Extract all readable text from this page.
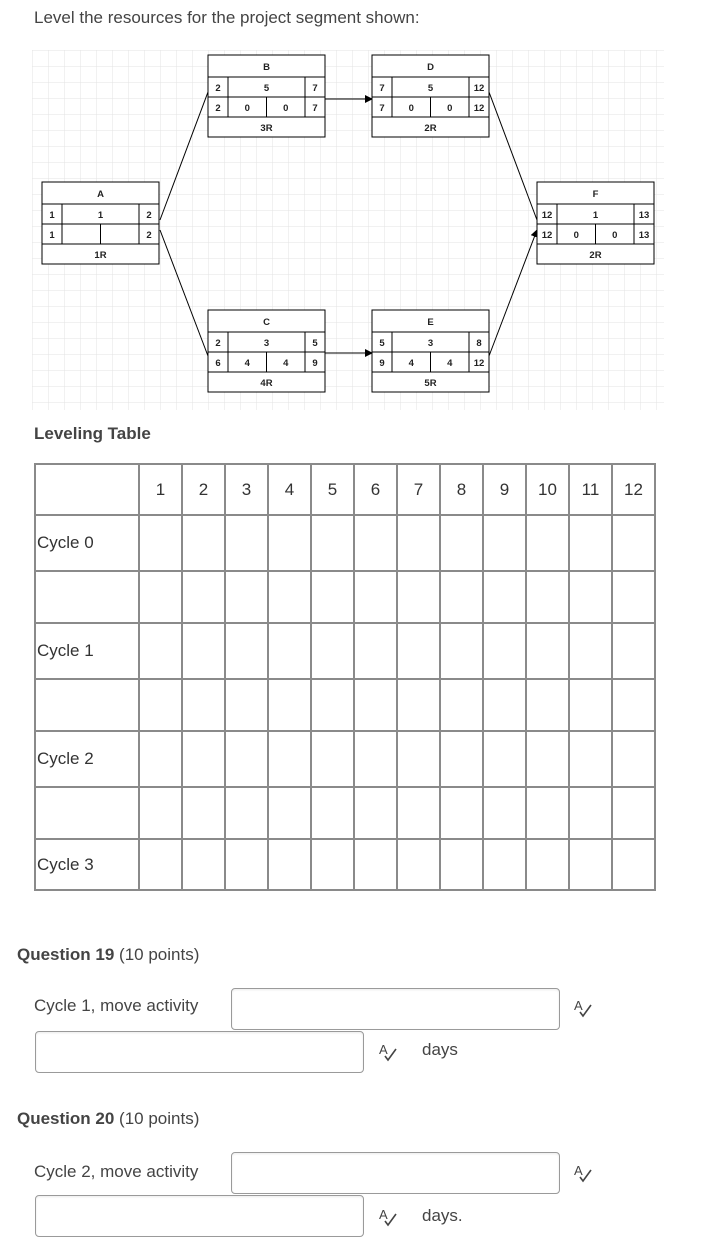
Level the resources for the project segment shown:
A
1	1	2
1	2
1R
B
2	5	7
2	0	0	7
3R
C
2	3	5
6	4	4	9
4R
D
7	5	12
7	0	0 12
2R
E
5	3	8
9	4	4 12
5R
F
12	1	13
12 0	0 13
2R
Leveling Table
	1	2	3	4	5	6	7	8	9	10	11	12
Cycle 0												

Cycle 1												

Cycle 2												

Cycle 3												
Question 19 (10 points)
Cycle 1, move activity	A
A days
Question 20 (10 points)
Cycle 2, move activity	A
A days.
